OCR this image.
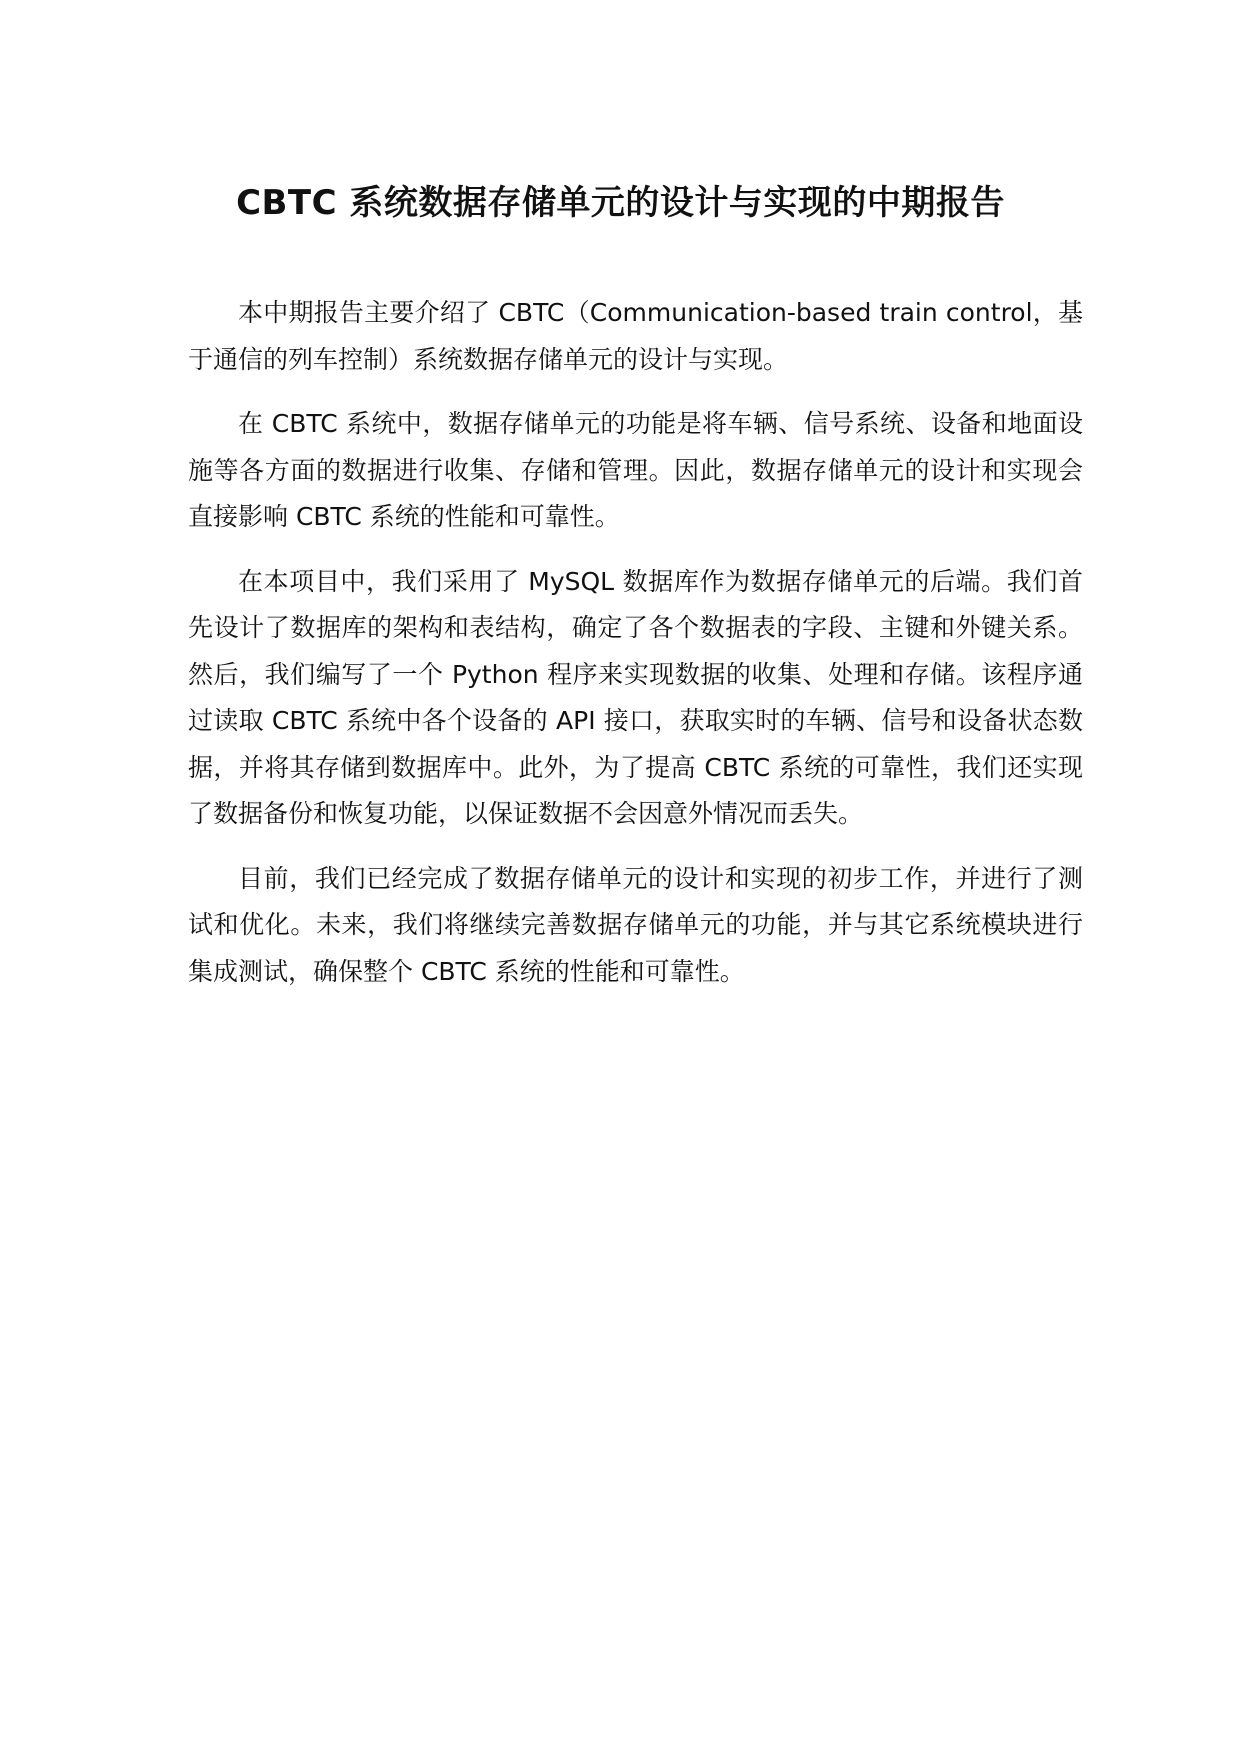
CBTC 系统数据存储单元的设计与实现的中期报告

本中期报告主要介绍了 CBTC（Communication-based train control，基于通信的列车控制）系统数据存储单元的设计与实现。

在 CBTC 系统中，数据存储单元的功能是将车辆、信号系统、设备和地面设施等各方面的数据进行收集、存储和管理。因此，数据存储单元的设计和实现会直接影响 CBTC 系统的性能和可靠性。

在本项目中，我们采用了 MySQL 数据库作为数据存储单元的后端。我们首先设计了数据库的架构和表结构，确定了各个数据表的字段、主键和外键关系。然后，我们编写了一个 Python 程序来实现数据的收集、处理和存储。该程序通过读取 CBTC 系统中各个设备的 API 接口，获取实时的车辆、信号和设备状态数据，并将其存储到数据库中。此外，为了提高 CBTC 系统的可靠性，我们还实现了数据备份和恢复功能，以保证数据不会因意外情况而丢失。

目前，我们已经完成了数据存储单元的设计和实现的初步工作，并进行了测试和优化。未来，我们将继续完善数据存储单元的功能，并与其它系统模块进行集成测试，确保整个 CBTC 系统的性能和可靠性。
